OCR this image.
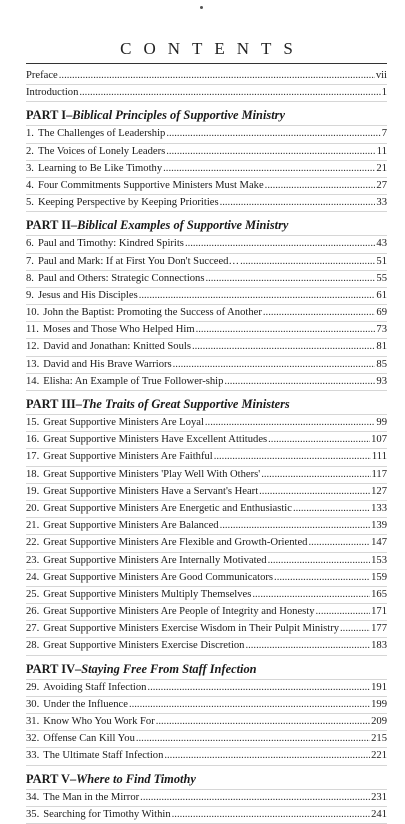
CONTENTS
Preface .....	vii
Introduction .....	1
PART I–Biblical Principles of Supportive Ministry
1. The Challenges of Leadership .....	7
2. The Voices of Lonely Leaders .....	11
3. Learning to Be Like Timothy .....	21
4. Four Commitments Supportive Ministers Must Make .....	27
5. Keeping Perspective by Keeping Priorities .....	33
PART II–Biblical Examples of Supportive Ministry
6. Paul and Timothy: Kindred Spirits .....	43
7. Paul and Mark: If at First You Don't Succeed… .....	51
8. Paul and Others: Strategic Connections .....	55
9. Jesus and His Disciples .....	61
10. John the Baptist: Promoting the Success of Another .....	69
11. Moses and Those Who Helped Him .....	73
12. David and Jonathan: Knitted Souls .....	81
13. David and His Brave Warriors .....	85
14. Elisha: An Example of True Follower-ship .....	93
PART III–The Traits of Great Supportive Ministers
15. Great Supportive Ministers Are Loyal .....	99
16. Great Supportive Ministers Have Excellent Attitudes .....	107
17. Great Supportive Ministers Are Faithful .....	111
18. Great Supportive Ministers 'Play Well With Others' .....	117
19. Great Supportive Ministers Have a Servant's Heart .....	127
20. Great Supportive Ministers Are Energetic and Enthusiastic .....	133
21. Great Supportive Ministers Are Balanced .....	139
22. Great Supportive Ministers Are Flexible and Growth-Oriented .....	147
23. Great Supportive Ministers Are Internally Motivated .....	153
24. Great Supportive Ministers Are Good Communicators .....	159
25. Great Supportive Ministers Multiply Themselves .....	165
26. Great Supportive Ministers Are People of Integrity and Honesty .....	171
27. Great Supportive Ministers Exercise Wisdom in Their Pulpit Ministry .....	177
28. Great Supportive Ministers Exercise Discretion .....	183
PART IV–Staying Free From Staff Infection
29. Avoiding Staff Infection .....	191
30. Under the Influence .....	199
31. Know Who You Work For .....	209
32. Offense Can Kill You .....	215
33. The Ultimate Staff Infection .....	221
PART V–Where to Find Timothy
34. The Man in the Mirror .....	231
35. Searching for Timothy Within .....	241
